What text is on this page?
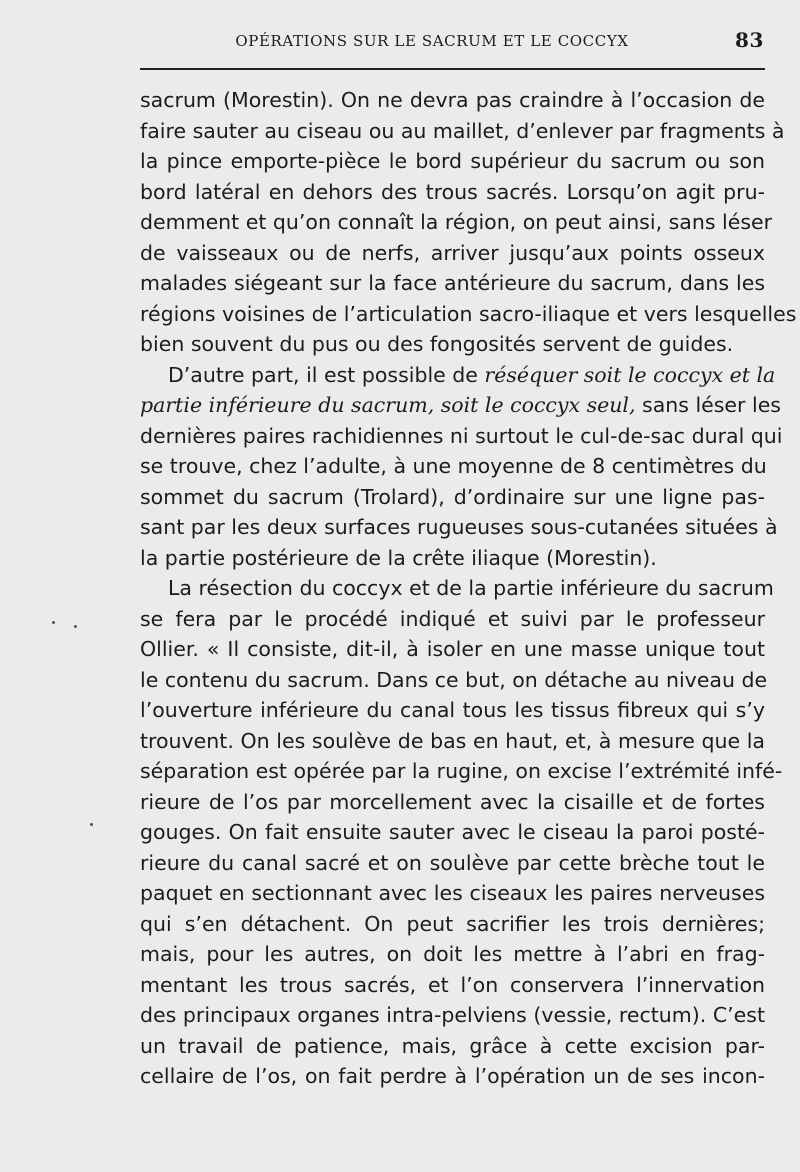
OPÉRATIONS SUR LE SACRUM ET LE COCCYX	83
sacrum (Morestin). On ne devra pas craindre à l’occasion de
faire sauter au ciseau ou au maillet, d’enlever par fragments à
la pince emporte-pièce le bord supérieur du sacrum ou son
bord latéral en dehors des trous sacrés. Lorsqu’on agit pru-
demment et qu’on connaît la région, on peut ainsi, sans léser
de vaisseaux ou de nerfs, arriver jusqu’aux points osseux
malades siégeant sur la face antérieure du sacrum, dans les
régions voisines de l’articulation sacro-iliaque et vers lesquelles
bien souvent du pus ou des fongosités servent de guides.
D’autre part, il est possible de réséquer soit le coccyx et la
partie inférieure du sacrum, soit le coccyx seul, sans léser les
dernières paires rachidiennes ni surtout le cul-de-sac dural qui
se trouve, chez l’adulte, à une moyenne de 8 centimètres du
sommet du sacrum (Trolard), d’ordinaire sur une ligne pas-
sant par les deux surfaces rugueuses sous-cutanées situées à
la partie postérieure de la crête iliaque (Morestin).
La résection du coccyx et de la partie inférieure du sacrum
se fera par le procédé indiqué et suivi par le professeur
Ollier. « Il consiste, dit-il, à isoler en une masse unique tout
le contenu du sacrum. Dans ce but, on détache au niveau de
l’ouverture inférieure du canal tous les tissus fibreux qui s’y
trouvent. On les soulève de bas en haut, et, à mesure que la
séparation est opérée par la rugine, on excise l’extrémité infé-
rieure de l’os par morcellement avec la cisaille et de fortes
gouges. On fait ensuite sauter avec le ciseau la paroi posté-
rieure du canal sacré et on soulève par cette brèche tout le
paquet en sectionnant avec les ciseaux les paires nerveuses
qui s’en détachent. On peut sacrifier les trois dernières;
mais, pour les autres, on doit les mettre à l’abri en frag-
mentant les trous sacrés, et l’on conservera l’innervation
des principaux organes intra-pelviens (vessie, rectum). C’est
un travail de patience, mais, grâce à cette excision par-
cellaire de l’os, on fait perdre à l’opération un de ses incon-
